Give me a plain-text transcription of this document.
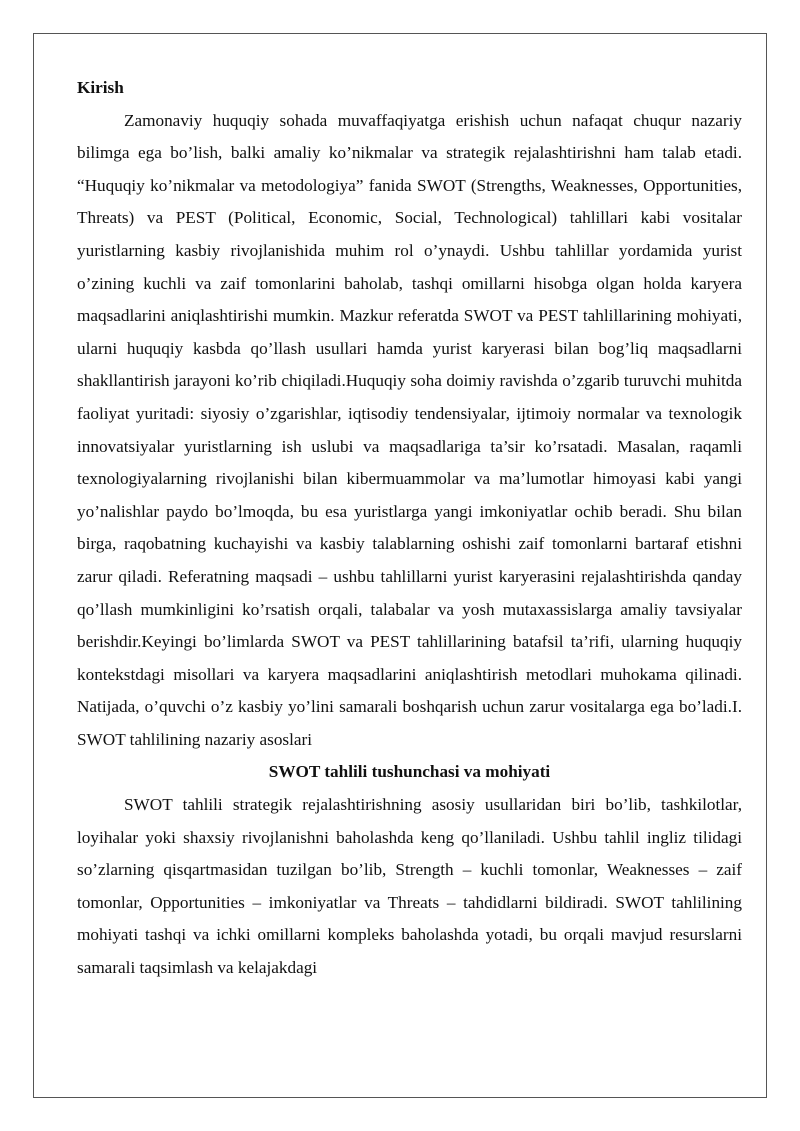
Kirish

Zamonaviy huquqiy sohada muvaffaqiyatga erishish uchun nafaqat chuqur nazariy bilimga ega bo’lish, balki amaliy ko’nikmalar va strategik rejalashtirishni ham talab etadi. “Huquqiy ko’nikmalar va metodologiya” fanida SWOT (Strengths, Weaknesses, Opportunities, Threats) va PEST (Political, Economic, Social, Technological) tahlillari kabi vositalar yuristlarning kasbiy rivojlanishida muhim rol o’ynaydi. Ushbu tahlillar yordamida yurist o’zining kuchli va zaif tomonlarini baholab, tashqi omillarni hisobga olgan holda karyera maqsadlarini aniqlashtirishi mumkin. Mazkur referatda SWOT va PEST tahlillarining mohiyati, ularni huquqiy kasbda qo’llash usullari hamda yurist karyerasi bilan bog’liq maqsadlarni shakllantirish jarayoni ko’rib chiqiladi.Huquqiy soha doimiy ravishda o’zgarib turuvchi muhitda faoliyat yuritadi: siyosiy o’zgarishlar, iqtisodiy tendensiyalar, ijtimoiy normalar va texnologik innovatsiyalar yuristlarning ish uslubi va maqsadlariga ta’sir ko’rsatadi. Masalan, raqamli texnologiyalarning rivojlanishi bilan kibermuammolar va ma’lumotlar himoyasi kabi yangi yo’nalishlar paydo bo’lmoqda, bu esa yuristlarga yangi imkoniyatlar ochib beradi. Shu bilan birga, raqobatning kuchayishi va kasbiy talablarning oshishi zaif tomonlarni bartaraf etishni zarur qiladi. Referatning maqsadi – ushbu tahlillarni yurist karyerasini rejalashtirishda qanday qo’llash mumkinligini ko’rsatish orqali, talabalar va yosh mutaxassislarga amaliy tavsiyalar berishdir.Keyingi bo’limlarda SWOT va PEST tahlillarining batafsil ta’rifi, ularning huquqiy kontekstdagi misollari va karyera maqsadlarini aniqlashtirish metodlari muhokama qilinadi. Natijada, o’quvchi o’z kasbiy yo’lini samarali boshqarish uchun zarur vositalarga ega bo’ladi.I. SWOT tahlilining nazariy asoslari

SWOT tahlili tushunchasi va mohiyati

SWOT tahlili strategik rejalashtirishning asosiy usullaridan biri bo’lib, tashkilotlar, loyihalar yoki shaxsiy rivojlanishni baholashda keng qo’llaniladi. Ushbu tahlil ingliz tilidagi so’zlarning qisqartmasidan tuzilgan bo’lib, Strength – kuchli tomonlar, Weaknesses – zaif tomonlar, Opportunities – imkoniyatlar va Threats – tahdidlarni bildiradi. SWOT tahlilining mohiyati tashqi va ichki omillarni kompleks baholashda yotadi, bu orqali mavjud resurslarni samarali taqsimlash va kelajakdagi
